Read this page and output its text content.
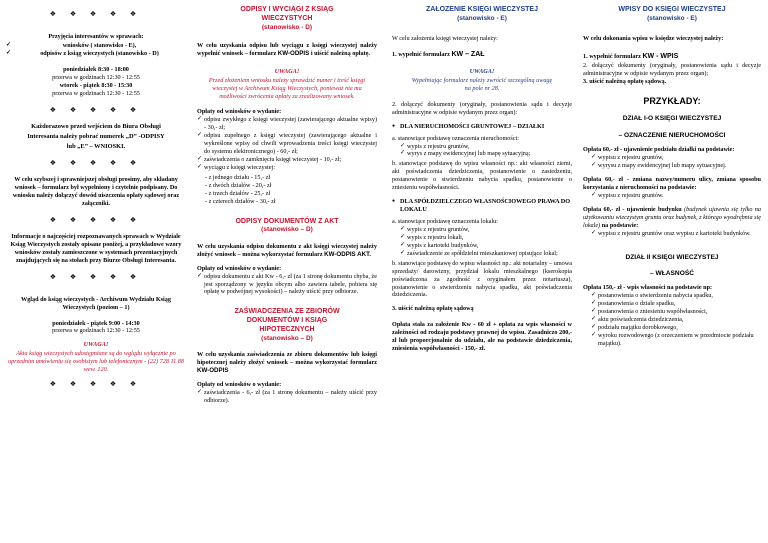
❖ ❖ ❖ ❖ ❖

Przyjęcia interesantów w sprawach:

✓ wniosków ( stanowisko - E),
✓ odpisów z ksiąg wieczystych (stanowisko - D)
poniedziałek 8:30 - 18:00
przerwa w godzinach 12:30 - 12:55
wtorek - piątek 8:30 - 15:30
przerwa w godzinach 12:30 - 12:55
❖ ❖ ❖ ❖ ❖

Każdorazowo przed wejściem do Biura Obsługi Interesanta należy pobrać numerek „D” -ODPISY lub „E” – WNIOSKI.

❖ ❖ ❖ ❖ ❖

W celu szybszej i sprawniejszej obsługi prosimy, aby składany wniosek – formularz był wypełniony i czytelnie podpisany. Do wniosku należy dołączyć dowód uiszczenia opłaty sądowej oraz załączniki.

❖ ❖ ❖ ❖ ❖

Informacje o najczęściej rozpoznawanych sprawach w Wydziale Ksiąg Wieczystych zostały opisane poniżej, a przykładowe wzory wniosków zostały zamieszczone w systemach prezentacyjnych znajdujących się na stołach przy Biurze Obsługi Interesanta.

❖ ❖ ❖ ❖ ❖

Wgląd do ksiąg wieczystych - Archiwum Wydziału Ksiąg Wieczystych (poziom – 1)

poniedziałek - piątek 9:00 - 14:30
przerwa w godzinach 12:30 - 12:55

UWAGA!

Akta ksiąg wieczystych udostępniane są do wglądu wyłącznie po uprzednim umówieniu się osobistym lub telefonicznym - (22) 728 11 88 wew. 120.

❖ ❖ ❖ ❖ ❖
ODPISY I WYCIĄGI Z KSIĄG WIECZYSTYCH
(stanowisko - D)

W celu uzyskania odpisu lub wyciągu z księgi wieczystej należy wypełnić wniosek – formularz KW-ODPIS i uiścić należną opłatę.

UWAGA!

Przed złożeniem wniosku należy sprawdzić numer i treść księgi wieczystej w Archiwum Ksiąg Wieczystych, ponieważ nie ma możliwości zwrócenia opłaty za zrealizowany wniosek.

Opłaty od wniosków o wydanie:

✓ odpisu zwykłego z księgi wieczystej (zawierającego aktualne wpisy) - 30,- zł;
✓ odpisu zupełnego z księgi wieczystej (zawierającego aktualne i wykreślone wpisy od chwili wprowadzenia treści księgi wieczystej do systemu elektronicznego) - 60,- zł;
✓ zaświadczenia o zamknięciu księgi wieczystej - 10,- zł;
✓ wyciągu z księgi wieczystej:
- z jednego działu - 15,- zł
- z dwóch działów - 20,- zł
- z trzech działów - 25,- zł
- z czterech działów - 30,- zł
ODPISY DOKUMENTÓW Z AKT
(stanowisko – D)

W celu uzyskania odpisu dokumentu z akt księgi wieczystej należy złożyć wniosek – można wykorzystać formularz KW-ODPIS AKT.

Opłaty od wniosków o wydanie:

✓ odpisu dokumentu z akt Kw - 6,- zł (za 1 stronę dokumentu chyba, że jest sporządzony w języku obcym albo zawiera tabele, pobiera się opłatę w podwójnej wysokości) – należy uiścić przy odbiorze.
ZAŚWIADCZENIA ZE ZBIORÓW DOKUMENTÓW I KSIĄG HIPOTECZNYCH
(stanowisko – D)

W celu uzyskania zaświadczenia ze zbioru dokumentów lub księgi hipotecznej należy złożyć wniosek – można wykorzystać formularz KW-ODPIS

Opłaty od wniosków o wydanie:

✓ zaświadczenia - 6,- zł (za 1 stronę dokumentu – należy uiścić przy odbiorze).
ZAŁOŻENIE KSIĘGI WIECZYSTEJ
(stanowisko - E)

W celu założenia księgi wieczystej należy:

1. wypełnić formularz KW – ZAŁ

UWAGA!

Wypełniając formularz należy zwrócić szczególną uwagę na pole nr 28.

2. dołączyć dokumenty (oryginały, postanowienia sądu i decyzje administracyjne w odpisie wydanym przez organ):

● DLA NIERUCHOMOŚCI GRUNTOWEJ – DZIAŁKI

a. stanowiące podstawę oznaczenia nieruchomości:

✓ wypis z rejestru gruntów,
✓ wyrys z mapy ewidencyjnej lub mapę sytuacyjną;

b. stanowiące podstawę do wpisu własności np.: akt własności ziemi, akt poświadczenia dziedziczenia, postanowienie o zasiedzeniu, postanowienie o stwierdzeniu nabycia spadku, postanowienie o zniesieniu współwłasności.

● DLA SPÓŁDZIELCZEGO WŁASNOŚCIOWEGO PRAWA DO LOKALU

a. stanowiące podstawę oznaczenia lokalu:

✓ wypis z rejestru gruntów,
✓ wypis z rejestru lokali,
✓ wypis z kartoteki budynków,
✓ zaświadczenie ze spółdzielni mieszkaniowej opisujące lokal;

b. stanowiące podstawę do wpisu własności np.: akt notarialny – umowa sprzedaży/ darowizny, przydział lokalu mieszkalnego (kserokopia poświadczona za zgodność z oryginałem przez notariusza), postanowienie o stwierdzeniu nabycia spadku, akt poświadczenia dziedziczenia.

3. uiścić należną opłatę sądową

Opłata stała za założenie Kw - 60 zł + opłata za wpis własności w zależności od rodzaju podstawy prawnej do wpisu. Zasadniczo 200,- zł lub proporcjonalnie do udziału, ale na podstawie dziedziczenia, zniesienia współwłasności - 150,- zł.

WPISY DO KSIĘGI WIECZYSTEJ
(stanowisko - E)

W celu dokonania wpisu w księdze wieczystej należy:

1. wypełnić formularz KW - WPIS

2. dołączyć dokumenty (oryginały, postanowienia sądu i decyzje administracyjne w odpisie wydanym przez organ);

3. uiścić należną opłatę sądową.

PRZYKŁADY:
DZIAŁ I-O KSIĘGI WIECZYSTEJ
– OZNACZENIE NIERUCHOMOŚCI

Opłata 60,- zł - ujawnienie podziału działki na podstawie:

✓ wypisu z rejestru gruntów,
✓ wyrysu z mapy ewidencyjnej lub mapy sytuacyjnej.

Opłata 60,- zł - zmiana nazwy/numeru ulicy, zmiana sposobu korzystania z nieruchomości na podstawie:

✓ wypisu z rejestru gruntów.

Opłata 60,- zł - ujawnienie budynku (budynek ujawnia się tylko na użytkowaniu wieczystym gruntu oraz budynek, z którego wyodrębnia się lokale) na podstawie:

✓ wypisu z rejestru gruntów oraz wypisu z kartoteki budynków.
DZIAŁ II KSIĘGI WIECZYSTEJ
– WŁASNOŚĆ

Opłata 150,- zł - wpis własności na podstawie np:

✓ postanowienia o stwierdzeniu nabycia spadku,
✓ postanowienia o dziale spadku,
✓ postanowienia o zniesieniu współwłasności,
✓ aktu poświadczenia dziedziczenia,
✓ podziału majątku dorobkowego,
✓ wyroku rozwodowego (z orzeczeniem w przedmiocie podziału majątku).
